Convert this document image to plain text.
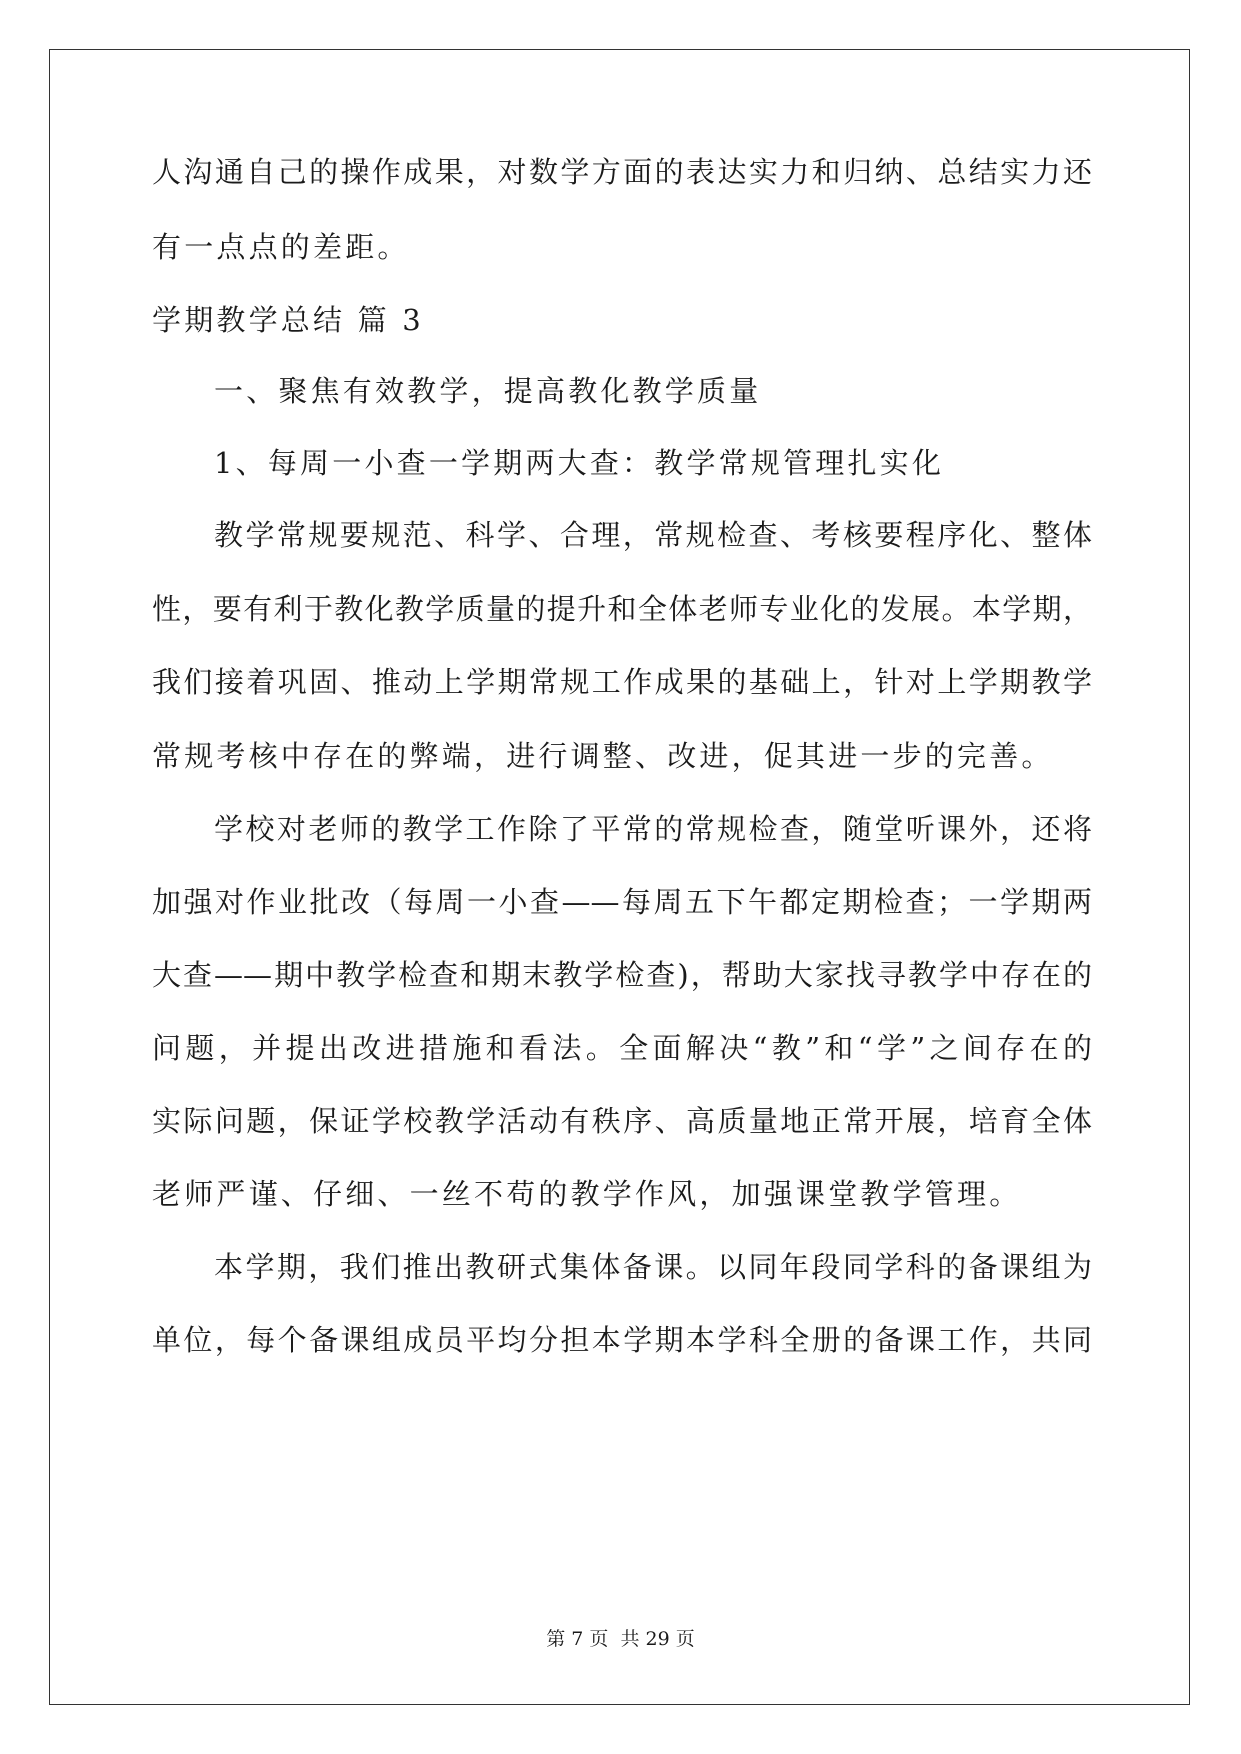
人沟通自己的操作成果，对数学方面的表达实力和归纳、总结实力还
有一点点的差距。
学期教学总结 篇 3
一、聚焦有效教学，提高教化教学质量
1、每周一小查一学期两大查：教学常规管理扎实化
教学常规要规范、科学、合理，常规检查、考核要程序化、整体
性，要有利于教化教学质量的提升和全体老师专业化的发展。本学期，
我们接着巩固、推动上学期常规工作成果的基础上，针对上学期教学
常规考核中存在的弊端，进行调整、改进，促其进一步的完善。
学校对老师的教学工作除了平常的常规检查，随堂听课外，还将
加强对作业批改（每周一小查——每周五下午都定期检查；一学期两
大查——期中教学检查和期末教学检查)，帮助大家找寻教学中存在的
问题，并提出改进措施和看法。全面解决“教”和“学”之间存在的
实际问题，保证学校教学活动有秩序、高质量地正常开展，培育全体
老师严谨、仔细、一丝不苟的教学作风，加强课堂教学管理。
本学期，我们推出教研式集体备课。以同年段同学科的备课组为
单位，每个备课组成员平均分担本学期本学科全册的备课工作，共同
第 7 页 共 29 页
